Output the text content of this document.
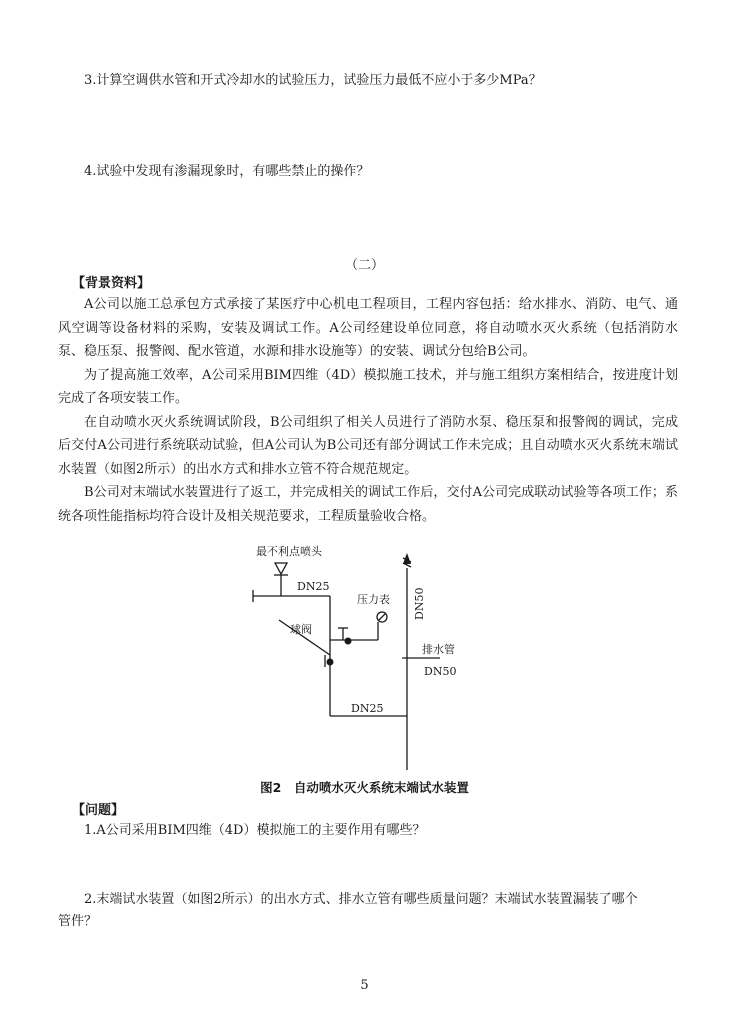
3.计算空调供水管和开式冷却水的试验压力，试验压力最低不应小于多少MPa？
4.试验中发现有渗漏现象时，有哪些禁止的操作？
（二）
【背景资料】

A公司以施工总承包方式承接了某医疗中心机电工程项目，工程内容包括：给水排水、消防、电气、通风空调等设备材料的采购，安装及调试工作。A公司经建设单位同意，将自动喷水灭火系统（包括消防水泵、稳压泵、报警阀、配水管道，水源和排水设施等）的安装、调试分包给B公司。

为了提高施工效率，A公司采用BIM四维（4D）模拟施工技术，并与施工组织方案相结合，按进度计划完成了各项安装工作。

在自动喷水灭火系统调试阶段，B公司组织了相关人员进行了消防水泵、稳压泵和报警阀的调试，完成后交付A公司进行系统联动试验，但A公司认为B公司还有部分调试工作未完成；且自动喷水灭火系统末端试水装置（如图2所示）的出水方式和排水立管不符合规范规定。

B公司对末端试水装置进行了返工，并完成相关的调试工作后，交付A公司完成联动试验等各项工作；系统各项性能指标均符合设计及相关规范要求，工程质量验收合格。

最不利点喷头
DN25
压力表
球阀
排水管
DN50
DN25
DN50
图2　自动喷水灭火系统末端试水装置
【问题】
1.A公司采用BIM四维（4D）模拟施工的主要作用有哪些？
2.末端试水装置（如图2所示）的出水方式、排水立管有哪些质量问题？末端试水装置漏装了哪个
管件？
5
